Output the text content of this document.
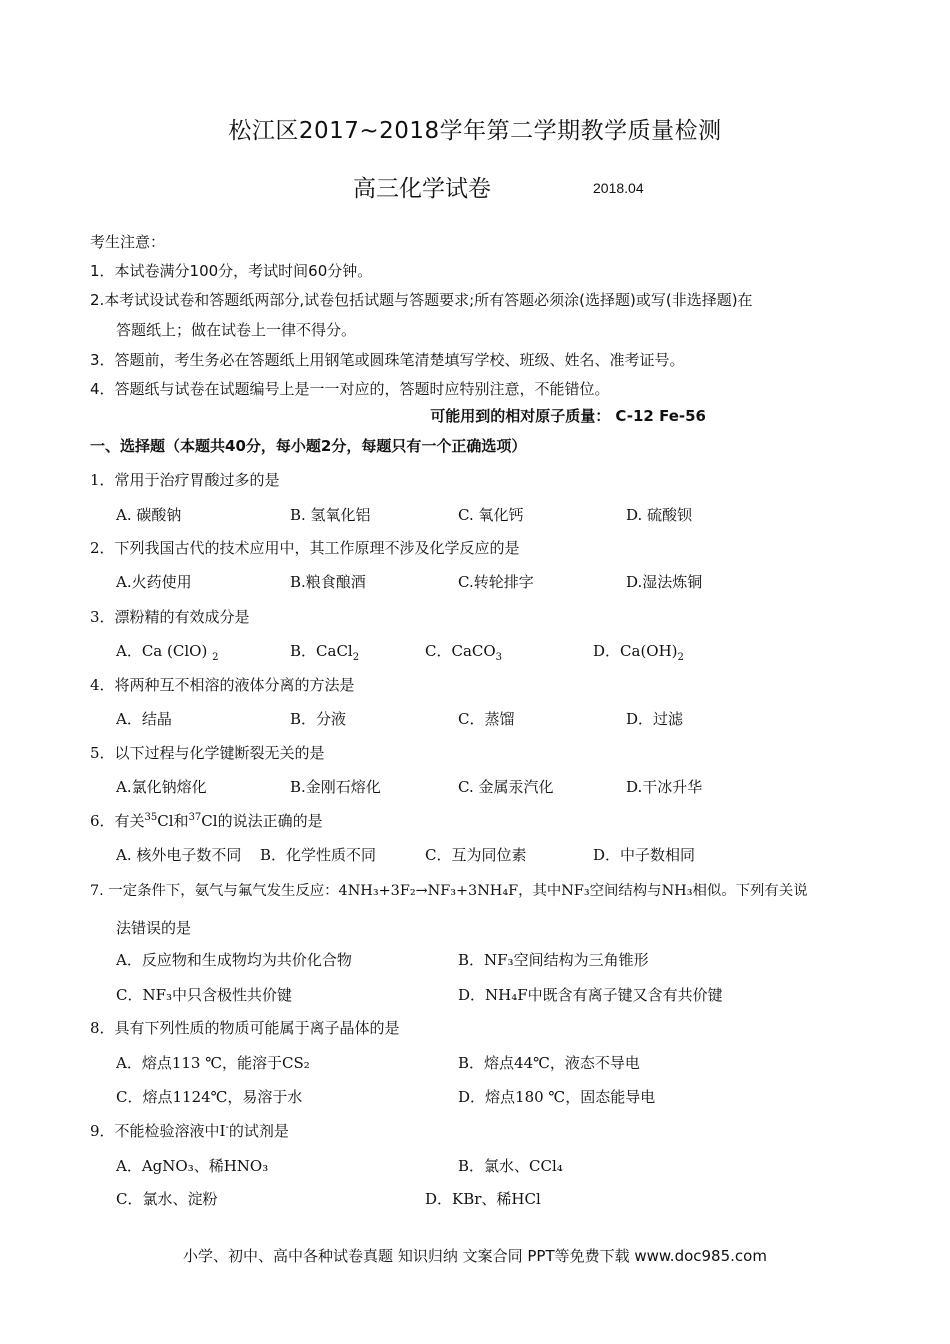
松江区2017~2018学年第二学期教学质量检测
高三化学试卷	2018.04
考生注意：
1．本试卷满分100分，考试时间60分钟。
2.本考试设试卷和答题纸两部分,试卷包括试题与答题要求;所有答题必须涂(选择题)或写(非选择题)在
答题纸上；做在试卷上一律不得分。
3．答题前，考生务必在答题纸上用钢笔或圆珠笔清楚填写学校、班级、姓名、准考证号。
4．答题纸与试卷在试题编号上是一一对应的，答题时应特别注意，不能错位。
可能用到的相对原子质量： C-12 Fe-56
一、选择题（本题共40分，每小题2分，每题只有一个正确选项）
1．常用于治疗胃酸过多的是
A. 碳酸钠	B. 氢氧化铝	C. 氧化钙	D. 硫酸钡
2．下列我国古代的技术应用中，其工作原理不涉及化学反应的是
A.火药使用	B.粮食酿酒	C.转轮排字	D.湿法炼铜
3．漂粉精的有效成分是
A．Ca (ClO) $_2$	B．CaCl$_2$	C．CaCO$_3$	D．$Ca(OH)_2$
4．将两种互不相溶的液体分离的方法是
A．结晶	B．分液	C．蒸馏	D．过滤
5．以下过程与化学键断裂无关的是
A.氯化钠熔化	B.金刚石熔化	C. 金属汞汽化	D.干冰升华
6．有关$^{35}$Cl和$^{37}$Cl的说法正确的是
A. 核外电子数不同 B．化学性质不同	C．互为同位素	D．中子数相同
7. 一定条件下，氨气与氟气发生反应：4NH₃+3F₂→NF₃+3NH₄F，其中NF₃空间结构与NH₃相似。下列有关说
法错误的是
A．反应物和生成物均为共价化合物	B．NF₃空间结构为三角锥形
C．NF₃中只含极性共价键	D．NH₄F中既含有离子键又含有共价键
8．具有下列性质的物质可能属于离子晶体的是
A．熔点113 ℃，能溶于CS₂	B．熔点44℃，液态不导电
C．熔点1124℃，易溶于水	D．熔点180 ℃，固态能导电
9．不能检验溶液中I-的试剂是
A．AgNO₃、稀HNO₃	B．氯水、CCl₄
C．氯水、淀粉	D．KBr、稀HCl
小学、初中、高中各种试卷真题 知识归纳 文案合同 PPT等免费下载 www.doc985.com
